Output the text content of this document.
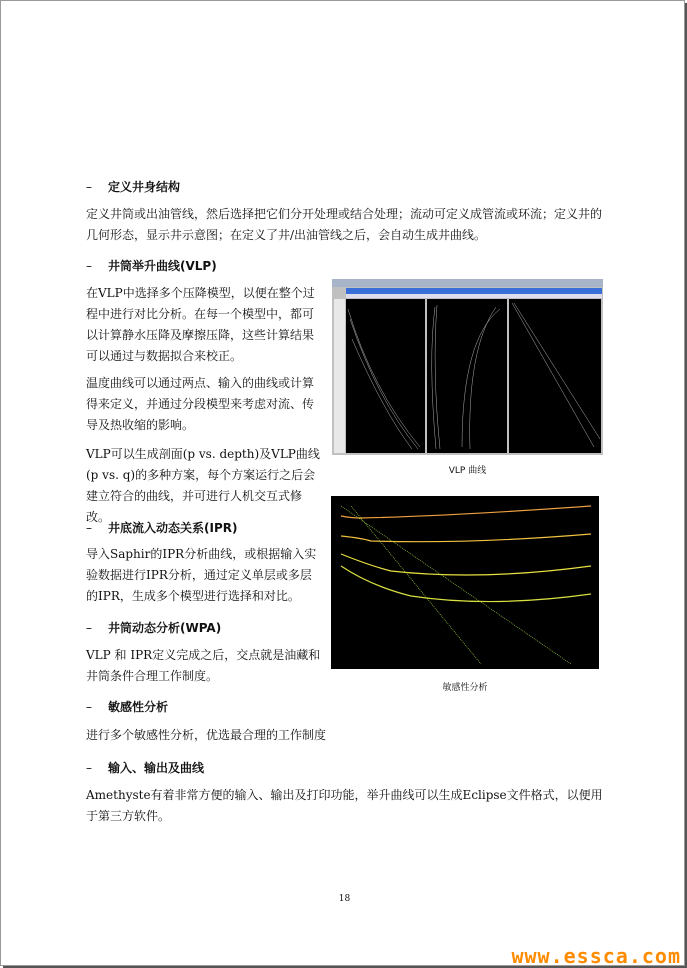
– 定义井身结构
定义井筒或出油管线，然后选择把它们分开处理或结合处理；流动可定义成管流或环流；定义井的几何形态，显示井示意图；在定义了井/出油管线之后，会自动生成井曲线。
– 井筒举升曲线(VLP)
在VLP中选择多个压降模型，以便在整个过程中进行对比分析。在每一个模型中，都可以计算静水压降及摩擦压降，这些计算结果可以通过与数据拟合来校正。
温度曲线可以通过两点、输入的曲线或计算得来定义，并通过分段模型来考虑对流、传导及热收缩的影响。
VLP可以生成剖面(p vs. depth)及VLP曲线(p vs. q)的多种方案，每个方案运行之后会建立符合的曲线，并可进行人机交互式修改。
– 井底流入动态关系(IPR)
导入Saphir的IPR分析曲线，或根据输入实验数据进行IPR分析，通过定义单层或多层的IPR，生成多个模型进行选择和对比。
– 井筒动态分析(WPA)
VLP 和 IPR定义完成之后，交点就是油藏和井筒条件合理工作制度。
– 敏感性分析
进行多个敏感性分析，优选最合理的工作制度
– 输入、输出及曲线
Amethyste有着非常方便的输入、输出及打印功能，举升曲线可以生成Eclipse文件格式，以便用于第三方软件。
VLP 曲线
敏感性分析
18
www.essca.com
